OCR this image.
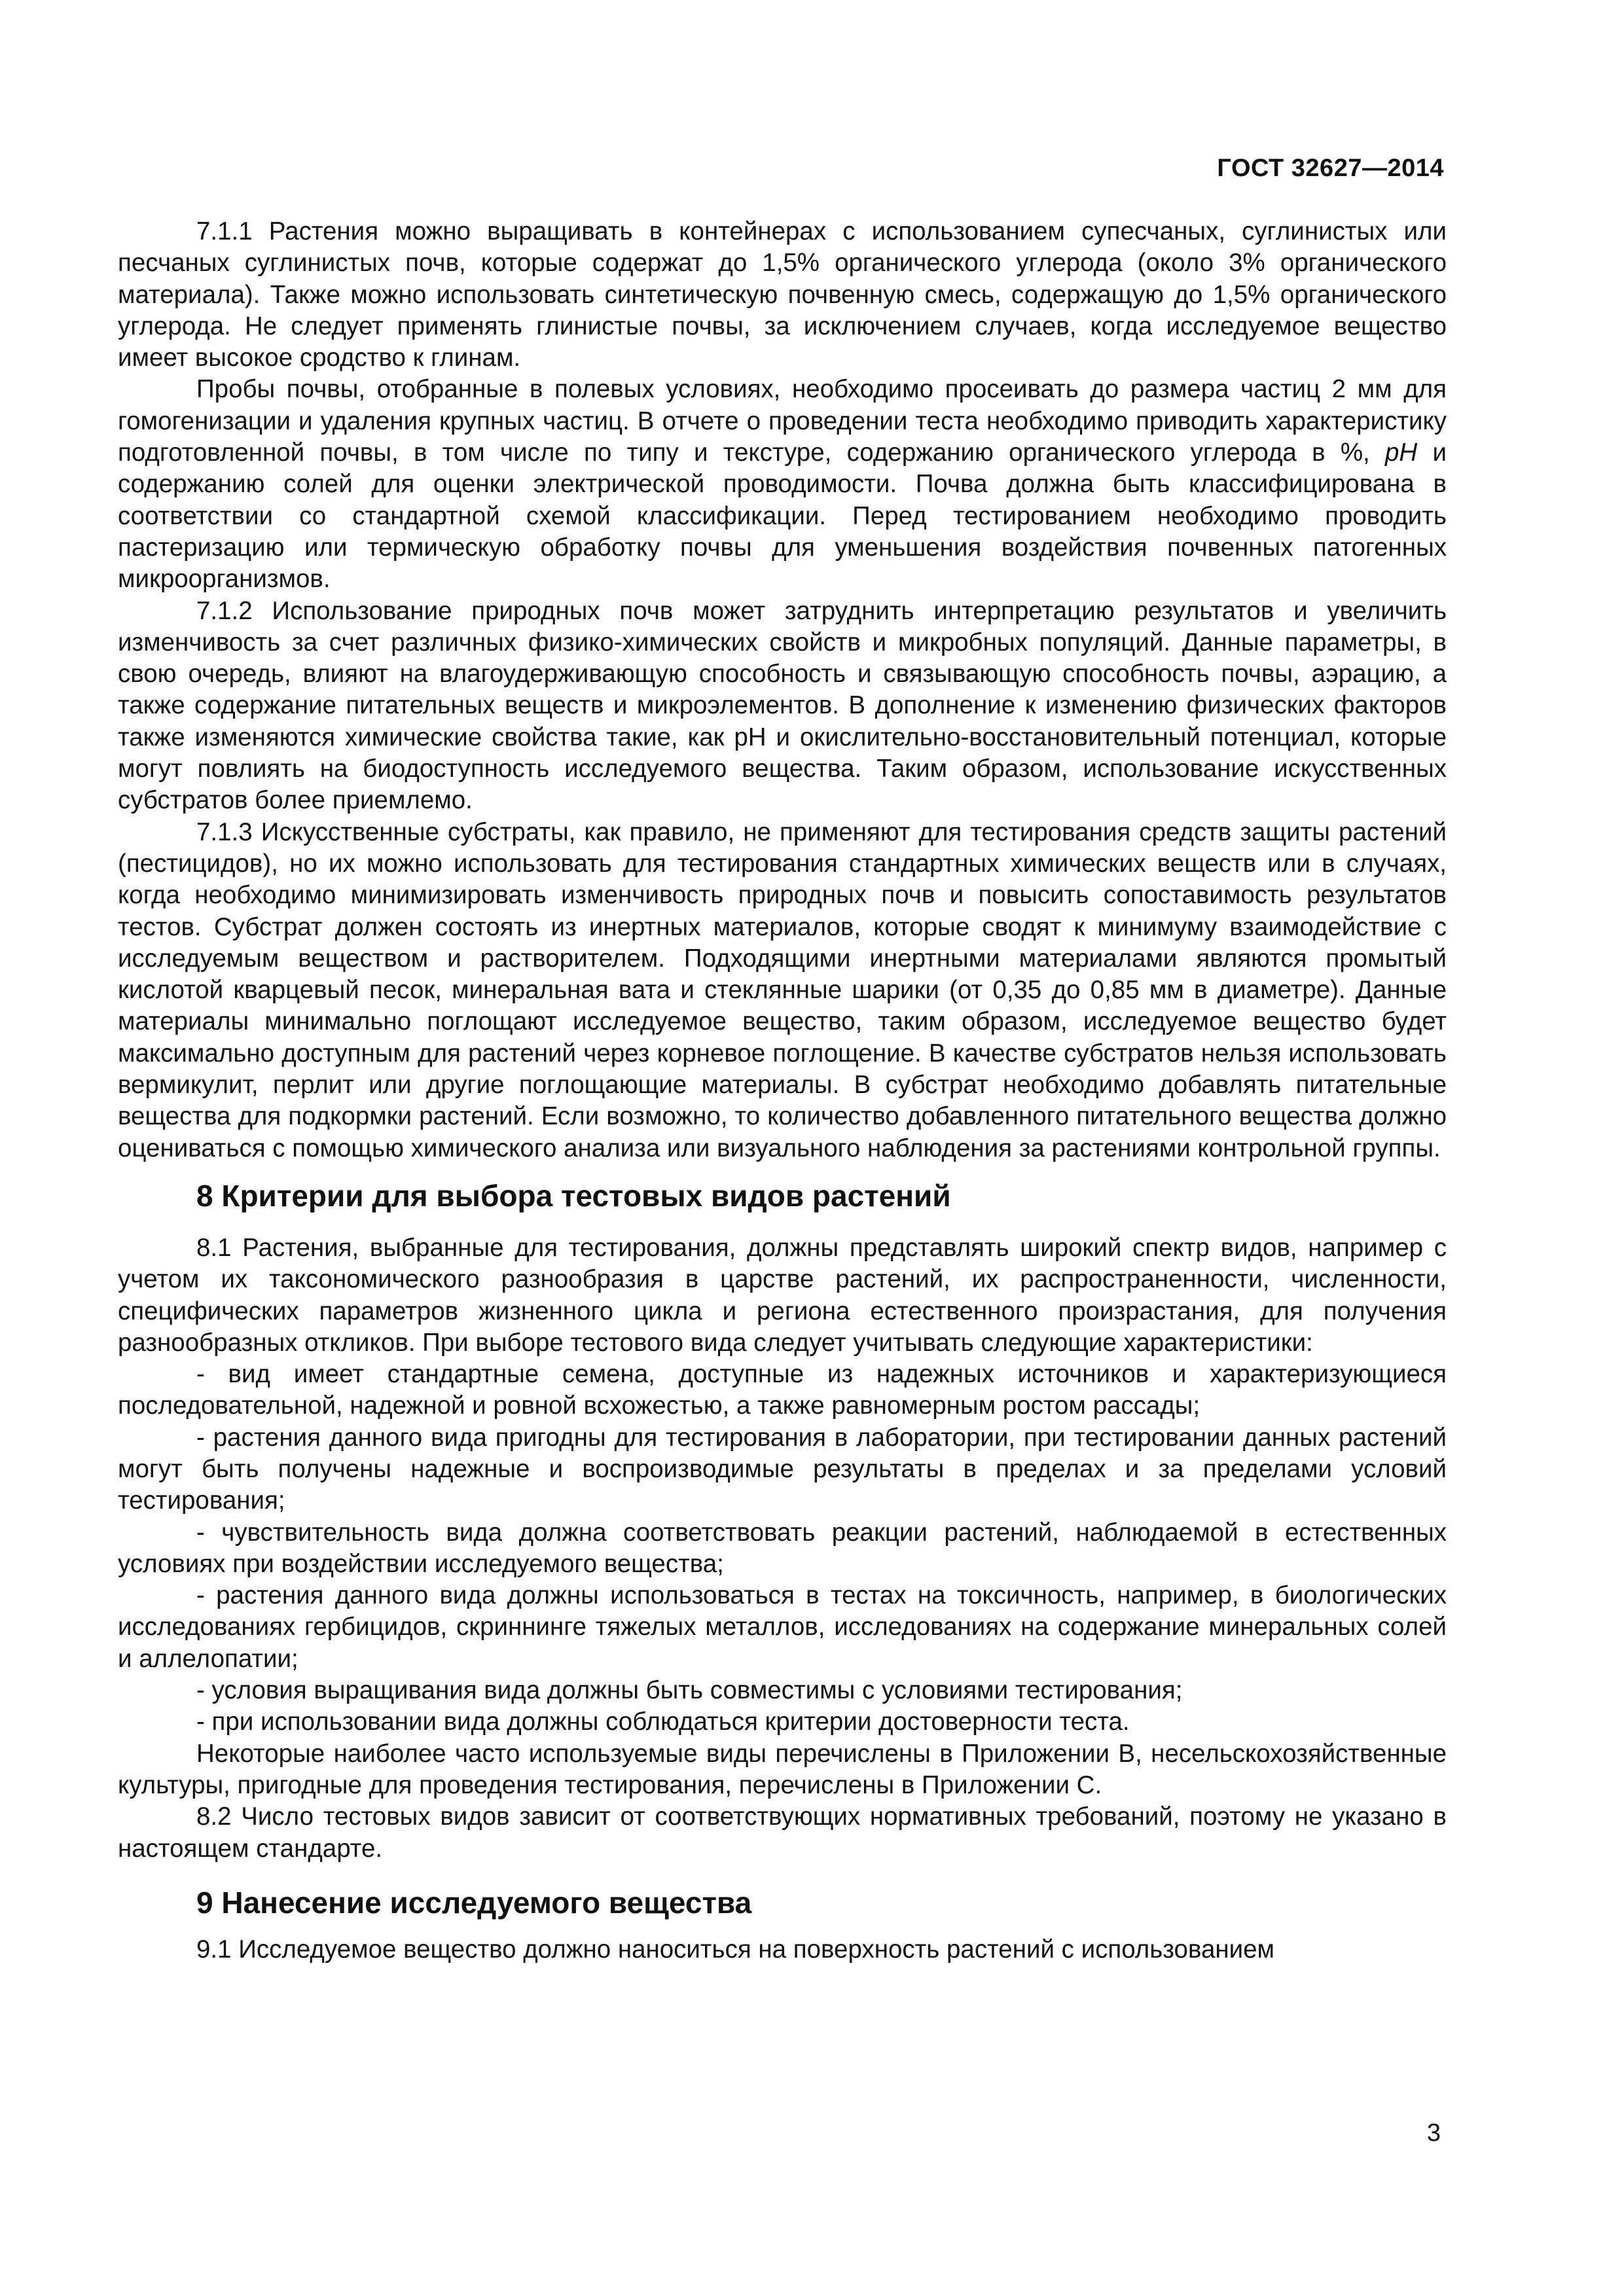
ГОСТ 32627—2014

7.1.1 Растения можно выращивать в контейнерах с использованием супесчаных, суглинистых или песчаных суглинистых почв, которые содержат до 1,5% органического углерода (около 3% органического материала). Также можно использовать синтетическую почвенную смесь, содержащую до 1,5% органического углерода. Не следует применять глинистые почвы, за исключением случаев, когда исследуемое вещество имеет высокое сродство к глинам.

Пробы почвы, отобранные в полевых условиях, необходимо просеивать до размера частиц 2 мм для гомогенизации и удаления крупных частиц. В отчете о проведении теста необходимо приводить характеристику подготовленной почвы, в том числе по типу и текстуре, содержанию органического углерода в %, pH и содержанию солей для оценки электрической проводимости. Почва должна быть классифицирована в соответствии со стандартной схемой классификации. Перед тестированием необходимо проводить пастеризацию или термическую обработку почвы для уменьшения воздействия почвенных патогенных микроорганизмов.

7.1.2 Использование природных почв может затруднить интерпретацию результатов и увеличить изменчивость за счет различных физико-химических свойств и микробных популяций. Данные параметры, в свою очередь, влияют на влагоудерживающую способность и связывающую способность почвы, аэрацию, а также содержание питательных веществ и микроэлементов. В дополнение к изменению физических факторов также изменяются химические свойства такие, как pH и окислительно-восстановительный потенциал, которые могут повлиять на биодоступность исследуемого вещества. Таким образом, использование искусственных субстратов более приемлемо.

7.1.3 Искусственные субстраты, как правило, не применяют для тестирования средств защиты растений (пестицидов), но их можно использовать для тестирования стандартных химических веществ или в случаях, когда необходимо минимизировать изменчивость природных почв и повысить сопоставимость результатов тестов. Субстрат должен состоять из инертных материалов, которые сводят к минимуму взаимодействие с исследуемым веществом и растворителем. Подходящими инертными материалами являются промытый кислотой кварцевый песок, минеральная вата и стеклянные шарики (от 0,35 до 0,85 мм в диаметре). Данные материалы минимально поглощают исследуемое вещество, таким образом, исследуемое вещество будет максимально доступным для растений через корневое поглощение. В качестве субстратов нельзя использовать вермикулит, перлит или другие поглощающие материалы. В субстрат необходимо добавлять питательные вещества для подкормки растений. Если возможно, то количество добавленного питательного вещества должно оцениваться с помощью химического анализа или визуального наблюдения за растениями контрольной группы.

8 Критерии для выбора тестовых видов растений

8.1 Растения, выбранные для тестирования, должны представлять широкий спектр видов, например с учетом их таксономического разнообразия в царстве растений, их распространенности, численности, специфических параметров жизненного цикла и региона естественного произрастания, для получения разнообразных откликов. При выборе тестового вида следует учитывать следующие характеристики:

- вид имеет стандартные семена, доступные из надежных источников и характеризующиеся последовательной, надежной и ровной всхожестью, а также равномерным ростом рассады;

- растения данного вида пригодны для тестирования в лаборатории, при тестировании данных растений могут быть получены надежные и воспроизводимые результаты в пределах и за пределами условий тестирования;

- чувствительность вида должна соответствовать реакции растений, наблюдаемой в естественных условиях при воздействии исследуемого вещества;

- растения данного вида должны использоваться в тестах на токсичность, например, в биологических исследованиях гербицидов, скриннинге тяжелых металлов, исследованиях на содержание минеральных солей и аллелопатии;

- условия выращивания вида должны быть совместимы с условиями тестирования;

- при использовании вида должны соблюдаться критерии достоверности теста.

Некоторые наиболее часто используемые виды перечислены в Приложении В, несельскохозяйственные культуры, пригодные для проведения тестирования, перечислены в Приложении С.

8.2 Число тестовых видов зависит от соответствующих нормативных требований, поэтому не указано в настоящем стандарте.

9 Нанесение исследуемого вещества

9.1 Исследуемое вещество должно наноситься на поверхность растений с использованием

3
